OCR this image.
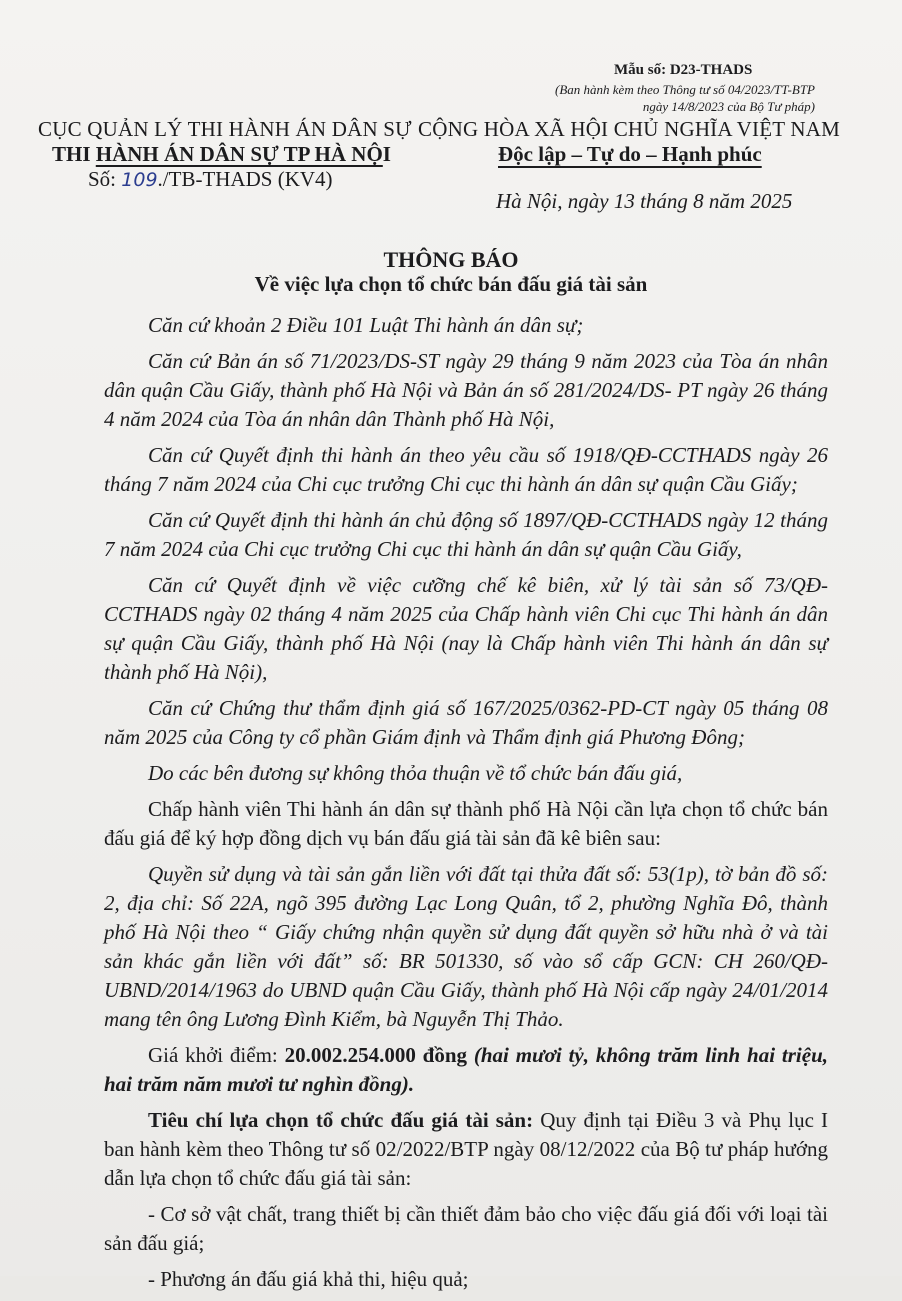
Mẫu số: D23-THADS
(Ban hành kèm theo Thông tư số 04/2023/TT-BTP
ngày 14/8/2023 của Bộ Tư pháp)
CỤC QUẢN LÝ THI HÀNH ÁN DÂN SỰ
THI HÀNH ÁN DÂN SỰ TP HÀ NỘI
Số: 109./TB-THADS (KV4)
CỘNG HÒA XÃ HỘI CHỦ NGHĨA VIỆT NAM
Độc lập – Tự do – Hạnh phúc
Hà Nội, ngày 13 tháng 8 năm 2025
THÔNG BÁO
Về việc lựa chọn tổ chức bán đấu giá tài sản

Căn cứ khoản 2 Điều 101 Luật Thi hành án dân sự;

Căn cứ Bản án số 71/2023/DS-ST ngày 29 tháng 9 năm 2023 của Tòa án nhân dân quận Cầu Giấy, thành phố Hà Nội và Bản án số 281/2024/DS- PT ngày 26 tháng 4 năm 2024 của Tòa án nhân dân Thành phố Hà Nội,

Căn cứ Quyết định thi hành án theo yêu cầu số 1918/QĐ-CCTHADS ngày 26 tháng 7 năm 2024 của Chi cục trưởng Chi cục thi hành án dân sự quận Cầu Giấy;

Căn cứ Quyết định thi hành án chủ động số 1897/QĐ-CCTHADS ngày 12 tháng 7 năm 2024 của Chi cục trưởng Chi cục thi hành án dân sự quận Cầu Giấy,

Căn cứ Quyết định về việc cưỡng chế kê biên, xử lý tài sản số 73/QĐ-CCTHADS ngày 02 tháng 4 năm 2025 của Chấp hành viên Chi cục Thi hành án dân sự quận Cầu Giấy, thành phố Hà Nội (nay là Chấp hành viên Thi hành án dân sự thành phố Hà Nội),

Căn cứ Chứng thư thẩm định giá số 167/2025/0362-PD-CT ngày 05 tháng 08 năm 2025 của Công ty cổ phần Giám định và Thẩm định giá Phương Đông;

Do các bên đương sự không thỏa thuận về tổ chức bán đấu giá,

Chấp hành viên Thi hành án dân sự thành phố Hà Nội cần lựa chọn tổ chức bán đấu giá để ký hợp đồng dịch vụ bán đấu giá tài sản đã kê biên sau:

Quyền sử dụng và tài sản gắn liền với đất tại thửa đất số: 53(1p), tờ bản đồ số: 2, địa chỉ: Số 22A, ngõ 395 đường Lạc Long Quân, tổ 2, phường Nghĩa Đô, thành phố Hà Nội theo “ Giấy chứng nhận quyền sử dụng đất quyền sở hữu nhà ở và tài sản khác gắn liền với đất” số: BR 501330, số vào sổ cấp GCN: CH 260/QĐ- UBND/2014/1963 do UBND quận Cầu Giấy, thành phố Hà Nội cấp ngày 24/01/2014 mang tên ông Lương Đình Kiểm, bà Nguyễn Thị Thảo.

Giá khởi điểm: 20.002.254.000 đồng (hai mươi tỷ, không trăm linh hai triệu, hai trăm năm mươi tư nghìn đồng).

Tiêu chí lựa chọn tổ chức đấu giá tài sản: Quy định tại Điều 3 và Phụ lục I ban hành kèm theo Thông tư số 02/2022/BTP ngày 08/12/2022 của Bộ tư pháp hướng dẫn lựa chọn tổ chức đấu giá tài sản:

- Cơ sở vật chất, trang thiết bị cần thiết đảm bảo cho việc đấu giá đối với loại tài sản đấu giá;

- Phương án đấu giá khả thi, hiệu quả;
